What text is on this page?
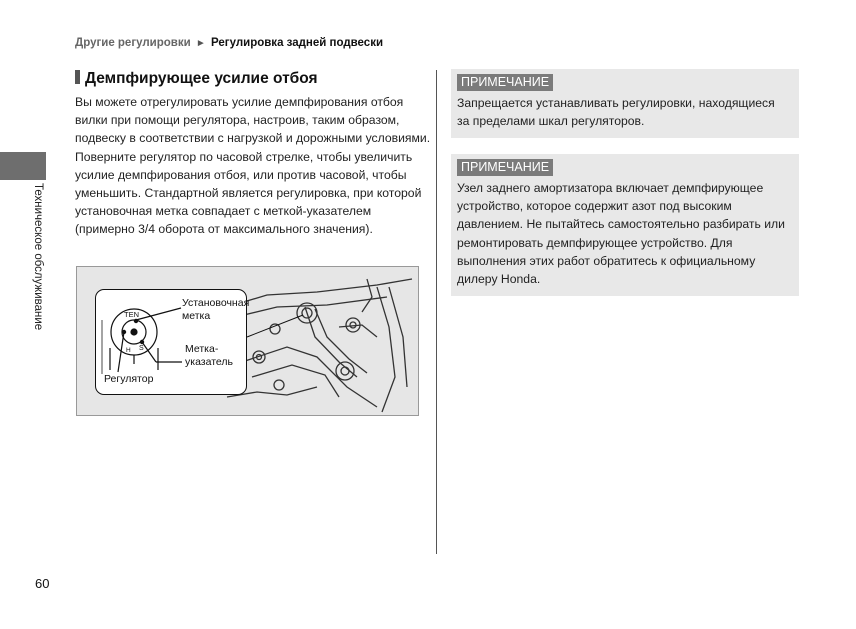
Другие регулировки ► Регулировка задней подвески
Техническое обслуживание
Демпфирующее усилие отбоя
Вы можете отрегулировать усилие демпфирования отбоя вилки при помощи регулятора, настроив, таким образом, подвеску в соответствии с нагрузкой и дорожными условиями. Поверните регулятор по часовой стрелке, чтобы увеличить усилие демпфирования отбоя, или против часовой, чтобы уменьшить. Стандартной является регулировка, при которой установочная метка совпадает с меткой-указателем (примерно 3/4 оборота от максимального значения).
TEN
S
H
Установочная
метка
Метка-
указатель
Регулятор
ПРИМЕЧАНИЕ
Запрещается устанавливать регулировки, находящиеся за пределами шкал регуляторов.
ПРИМЕЧАНИЕ
Узел заднего амортизатора включает демпфирующее устройство, которое содержит азот под высоким давлением. Не пытайтесь самостоятельно разбирать или ремонтировать демпфирующее устройство. Для выполнения этих работ обратитесь к официальному дилеру Honda.
60
